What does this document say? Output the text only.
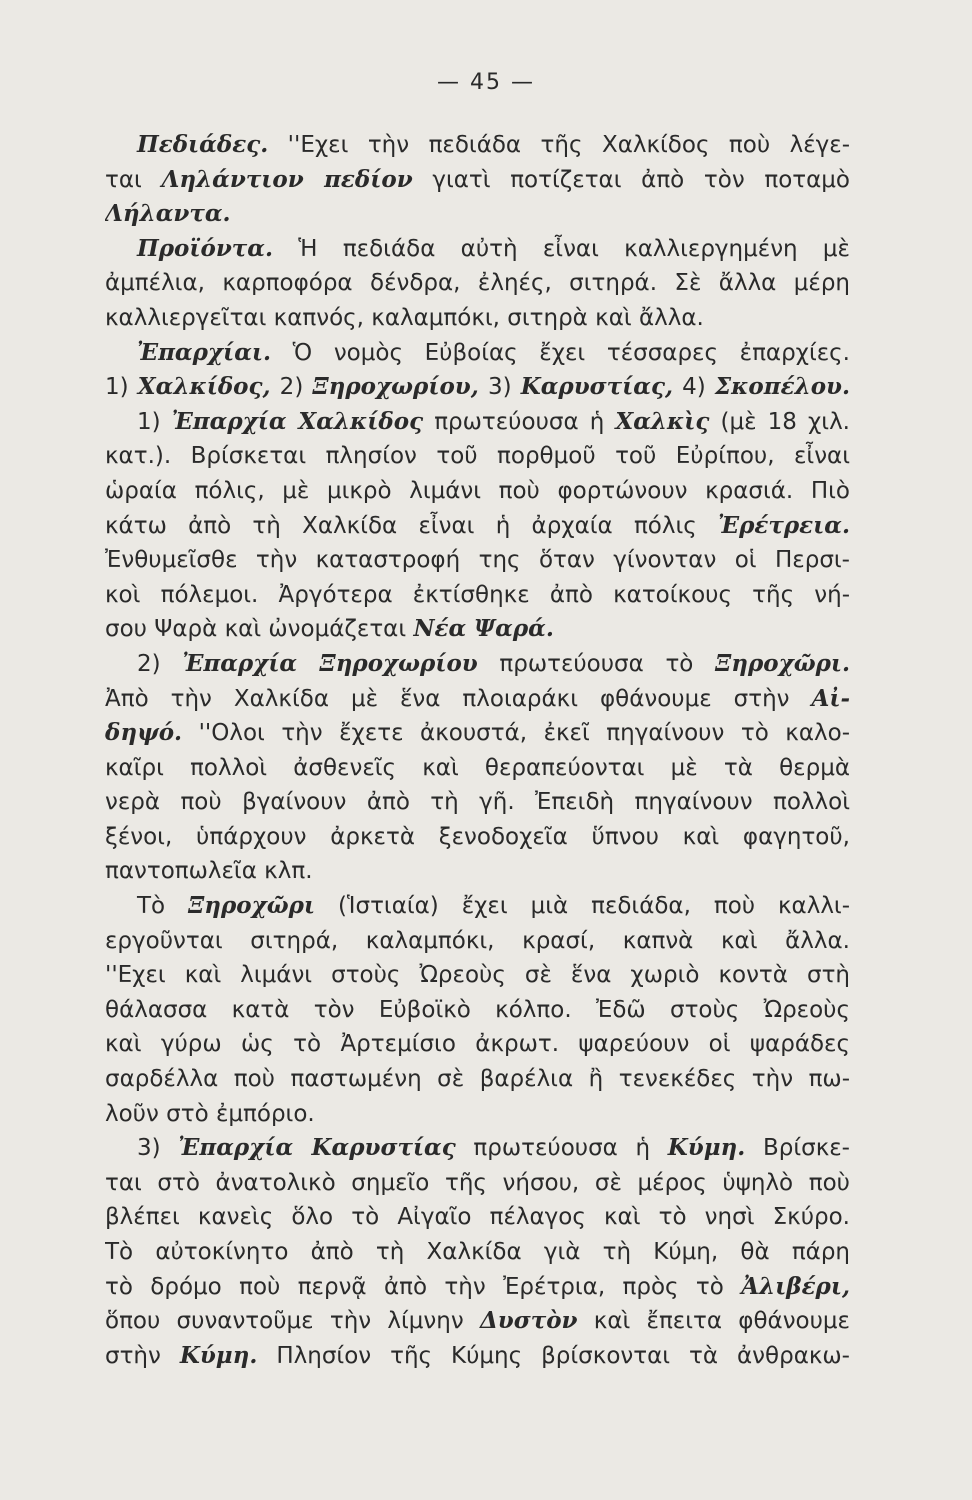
— 45 —
Πεδιάδες. ''Εχει τὴν πεδιάδα τῆς Χαλκίδος ποὺ λέγε-
ται Ληλάντιον πεδίον γιατὶ ποτίζεται ἀπὸ τὸν ποταμὸ
Λήλαντα.
Προϊόντα. Ἡ πεδιάδα αὐτὴ εἶναι καλλιεργημένη μὲ
ἀμπέλια, καρποφόρα δένδρα, ἐληές, σιτηρά. Σὲ ἄλλα μέρη
καλλιεργεῖται καπνός, καλαμπόκι, σιτηρὰ καὶ ἄλλα.
Ἐπαρχίαι. Ὁ νομὸς Εὐβοίας ἔχει τέσσαρες ἐπαρχίες.
1) Χαλκίδος, 2) Ξηροχωρίου, 3) Καρυστίας, 4) Σκοπέλου.
1) Ἐπαρχία Χαλκίδος πρωτεύουσα ἡ Χαλκὶς (μὲ 18 χιλ.
κατ.). Βρίσκεται πλησίον τοῦ πορθμοῦ τοῦ Εὐρίπου, εἶναι
ὡραία πόλις, μὲ μικρὸ λιμάνι ποὺ φορτώνουν κρασιά. Πιὸ
κάτω ἀπὸ τὴ Χαλκίδα εἶναι ἡ ἀρχαία πόλις Ἐρέτρεια.
Ἐνθυμεῖσθε τὴν καταστροφή της ὅταν γίνονταν οἱ Περσι-
κοὶ πόλεμοι. Ἀργότερα ἐκτίσθηκε ἀπὸ κατοίκους τῆς νή-
σου Ψαρὰ καὶ ὠνομάζεται Νέα Ψαρά.
2) Ἐπαρχία Ξηροχωρίου πρωτεύουσα τὸ Ξηροχῶρι.
Ἀπὸ τὴν Χαλκίδα μὲ ἕνα πλοιαράκι φθάνουμε στὴν Αἰ-
δηψό. ''Ολοι τὴν ἔχετε ἀκουστά, ἐκεῖ πηγαίνουν τὸ καλο-
καῖρι πολλοὶ ἀσθενεῖς καὶ θεραπεύονται μὲ τὰ θερμὰ
νερὰ ποὺ βγαίνουν ἀπὸ τὴ γῆ. Ἐπειδὴ πηγαίνουν πολλοὶ
ξένοι, ὑπάρχουν ἀρκετὰ ξενοδοχεῖα ὕπνου καὶ φαγητοῦ,
παντοπωλεῖα κλπ.
Τὸ Ξηροχῶρι (Ἱστιαία) ἔχει μιὰ πεδιάδα, ποὺ καλλι-
εργοῦνται σιτηρά, καλαμπόκι, κρασί, καπνὰ καὶ ἄλλα.
''Εχει καὶ λιμάνι στοὺς Ὠρεοὺς σὲ ἕνα χωριὸ κοντὰ στὴ
θάλασσα κατὰ τὸν Εὐβοϊκὸ κόλπο. Ἐδῶ στοὺς Ὠρεοὺς
καὶ γύρω ὡς τὸ Ἀρτεμίσιο ἀκρωτ. ψαρεύουν οἱ ψαράδες
σαρδέλλα ποὺ παστωμένη σὲ βαρέλια ἢ τενεκέδες τὴν πω-
λοῦν στὸ ἐμπόριο.
3) Ἐπαρχία Καρυστίας πρωτεύουσα ἡ Κύμη. Βρίσκε-
ται στὸ ἀνατολικὸ σημεῖο τῆς νήσου, σὲ μέρος ὑψηλὸ ποὺ
βλέπει κανεὶς ὅλο τὸ Αἰγαῖο πέλαγος καὶ τὸ νησὶ Σκύρο.
Τὸ αὐτοκίνητο ἀπὸ τὴ Χαλκίδα γιὰ τὴ Κύμη, θὰ πάρη
τὸ δρόμο ποὺ περνᾷ ἀπὸ τὴν Ἐρέτρια, πρὸς τὸ Ἀλιβέρι,
ὅπου συναντοῦμε τὴν λίμνην Δυστὸν καὶ ἔπειτα φθάνουμε
στὴν Κύμη. Πλησίον τῆς Κύμης βρίσκονται τὰ ἀνθρακω-
